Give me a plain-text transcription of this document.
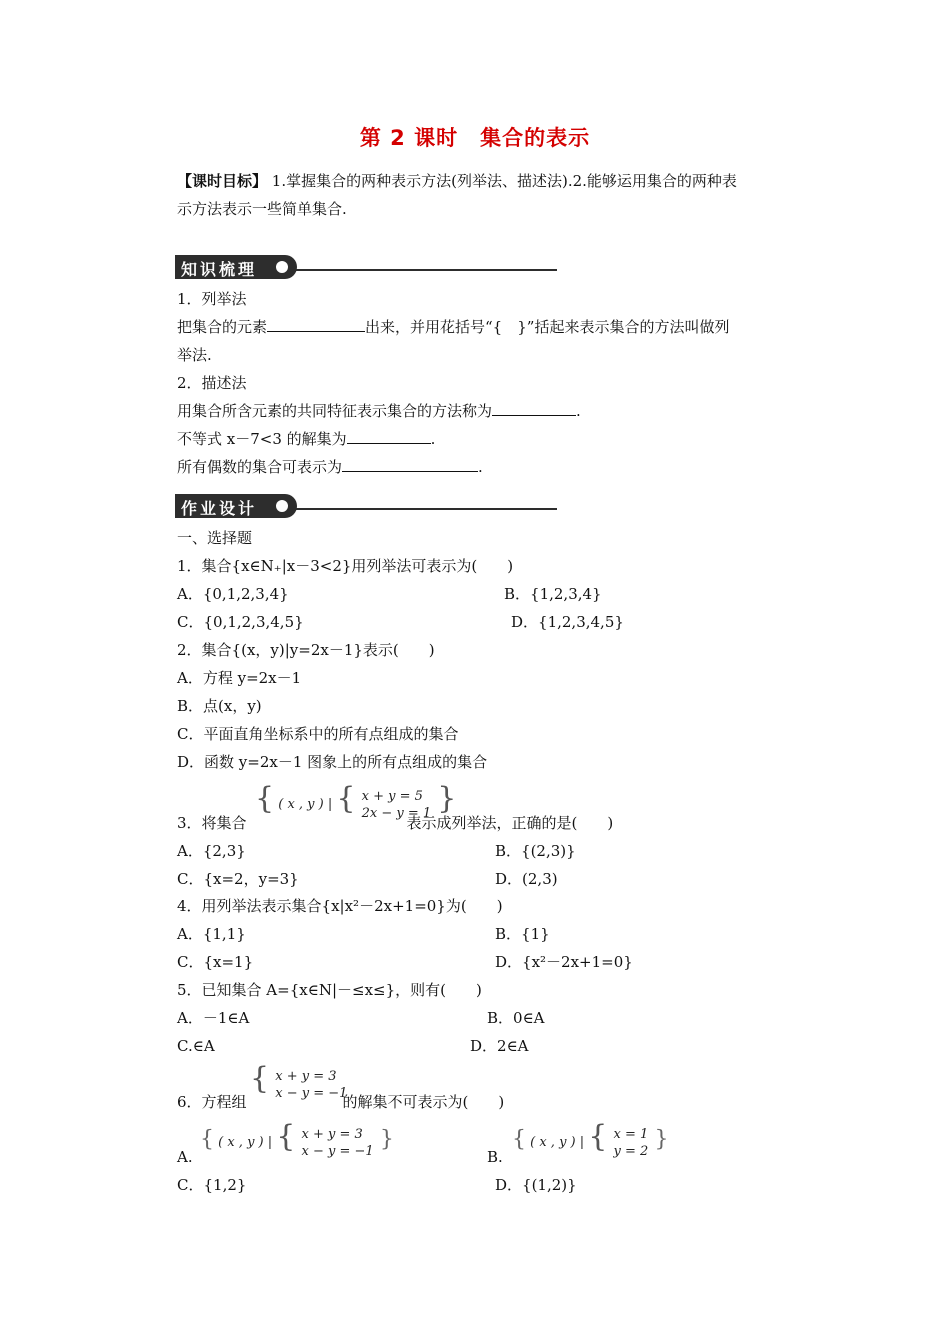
第 2 课时　集合的表示
【课时目标】 1.掌握集合的两种表示方法(列举法、描述法).2.能够运用集合的两种表
示方法表示一些简单集合.
知识梳理
1．列举法
把集合的元素	出来，并用花括号“{　}”括起来表示集合的方法叫做列
举法.
2．描述法
用集合所含元素的共同特征表示集合的方法称为	.
不等式 x－7<3 的解集为	.
所有偶数的集合可表示为	.
作业设计
一、选择题
1．集合{x∈N₊|x－3<2}用列举法可表示为(　　)
A．{0,1,2,3,4}	B．{1,2,3,4}
C．{0,1,2,3,4,5}	D．{1,2,3,4,5}
2．集合{(x，y)|y=2x－1}表示(　　)
A．方程 y=2x－1
B．点(x，y)
C．平面直角坐标系中的所有点组成的集合
D．函数 y=2x－1 图象上的所有点组成的集合
{ ( x , y ) | { x + y = 5
2x − y = 1 }
3．将集合	表示成列举法，正确的是(　　)
A．{2,3}	B．{(2,3)}
C．{x=2，y=3}	D．(2,3)
4．用列举法表示集合{x|x²－2x+1=0}为(　　)
A．{1,1}	B．{1}
C．{x=1}	D．{x²－2x+1=0}
5．已知集合 A={x∈N|－≤x≤}，则有(　　)
A．－1∈A	B．0∈A
C.∈A	D．2∈A
{ x + y = 3
x − y = −1
6．方程组	的解集不可表示为(　　)
{ ( x , y ) | { x + y = 3
x − y = −1 }
A.
{ ( x , y ) | { x = 1
y = 2 }
B.
C．{1,2}	D．{(1,2)}
